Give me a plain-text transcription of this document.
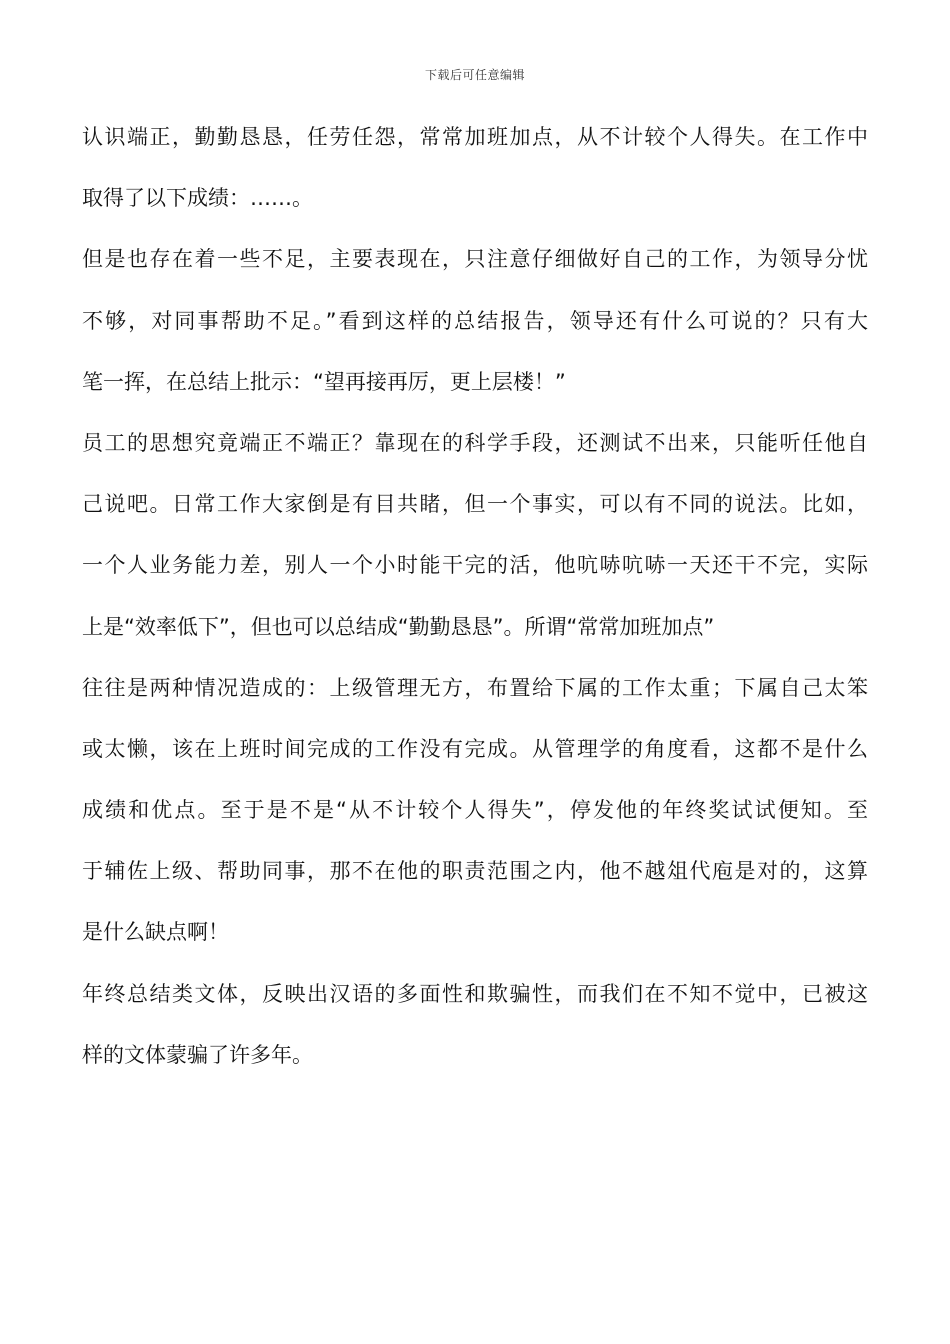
下载后可任意编辑
认识端正，勤勤恳恳，任劳任怨，常常加班加点，从不计较个人得失。在工作中
取得了以下成绩：……。
但是也存在着一些不足，主要表现在，只注意仔细做好自己的工作，为领导分忧
不够，对同事帮助不足。”看到这样的总结报告，领导还有什么可说的？只有大
笔一挥，在总结上批示：“望再接再厉，更上层楼！”
员工的思想究竟端正不端正？靠现在的科学手段，还测试不出来，只能听任他自
己说吧。日常工作大家倒是有目共睹，但一个事实，可以有不同的说法。比如，
一个人业务能力差，别人一个小时能干完的活，他吭哧吭哧一天还干不完，实际
上是“效率低下”，但也可以总结成“勤勤恳恳”。所谓“常常加班加点”
往往是两种情况造成的：上级管理无方，布置给下属的工作太重；下属自己太笨
或太懒，该在上班时间完成的工作没有完成。从管理学的角度看，这都不是什么
成绩和优点。至于是不是“从不计较个人得失”，停发他的年终奖试试便知。至
于辅佐上级、帮助同事，那不在他的职责范围之内，他不越俎代庖是对的，这算
是什么缺点啊！
年终总结类文体，反映出汉语的多面性和欺骗性，而我们在不知不觉中，已被这
样的文体蒙骗了许多年。
